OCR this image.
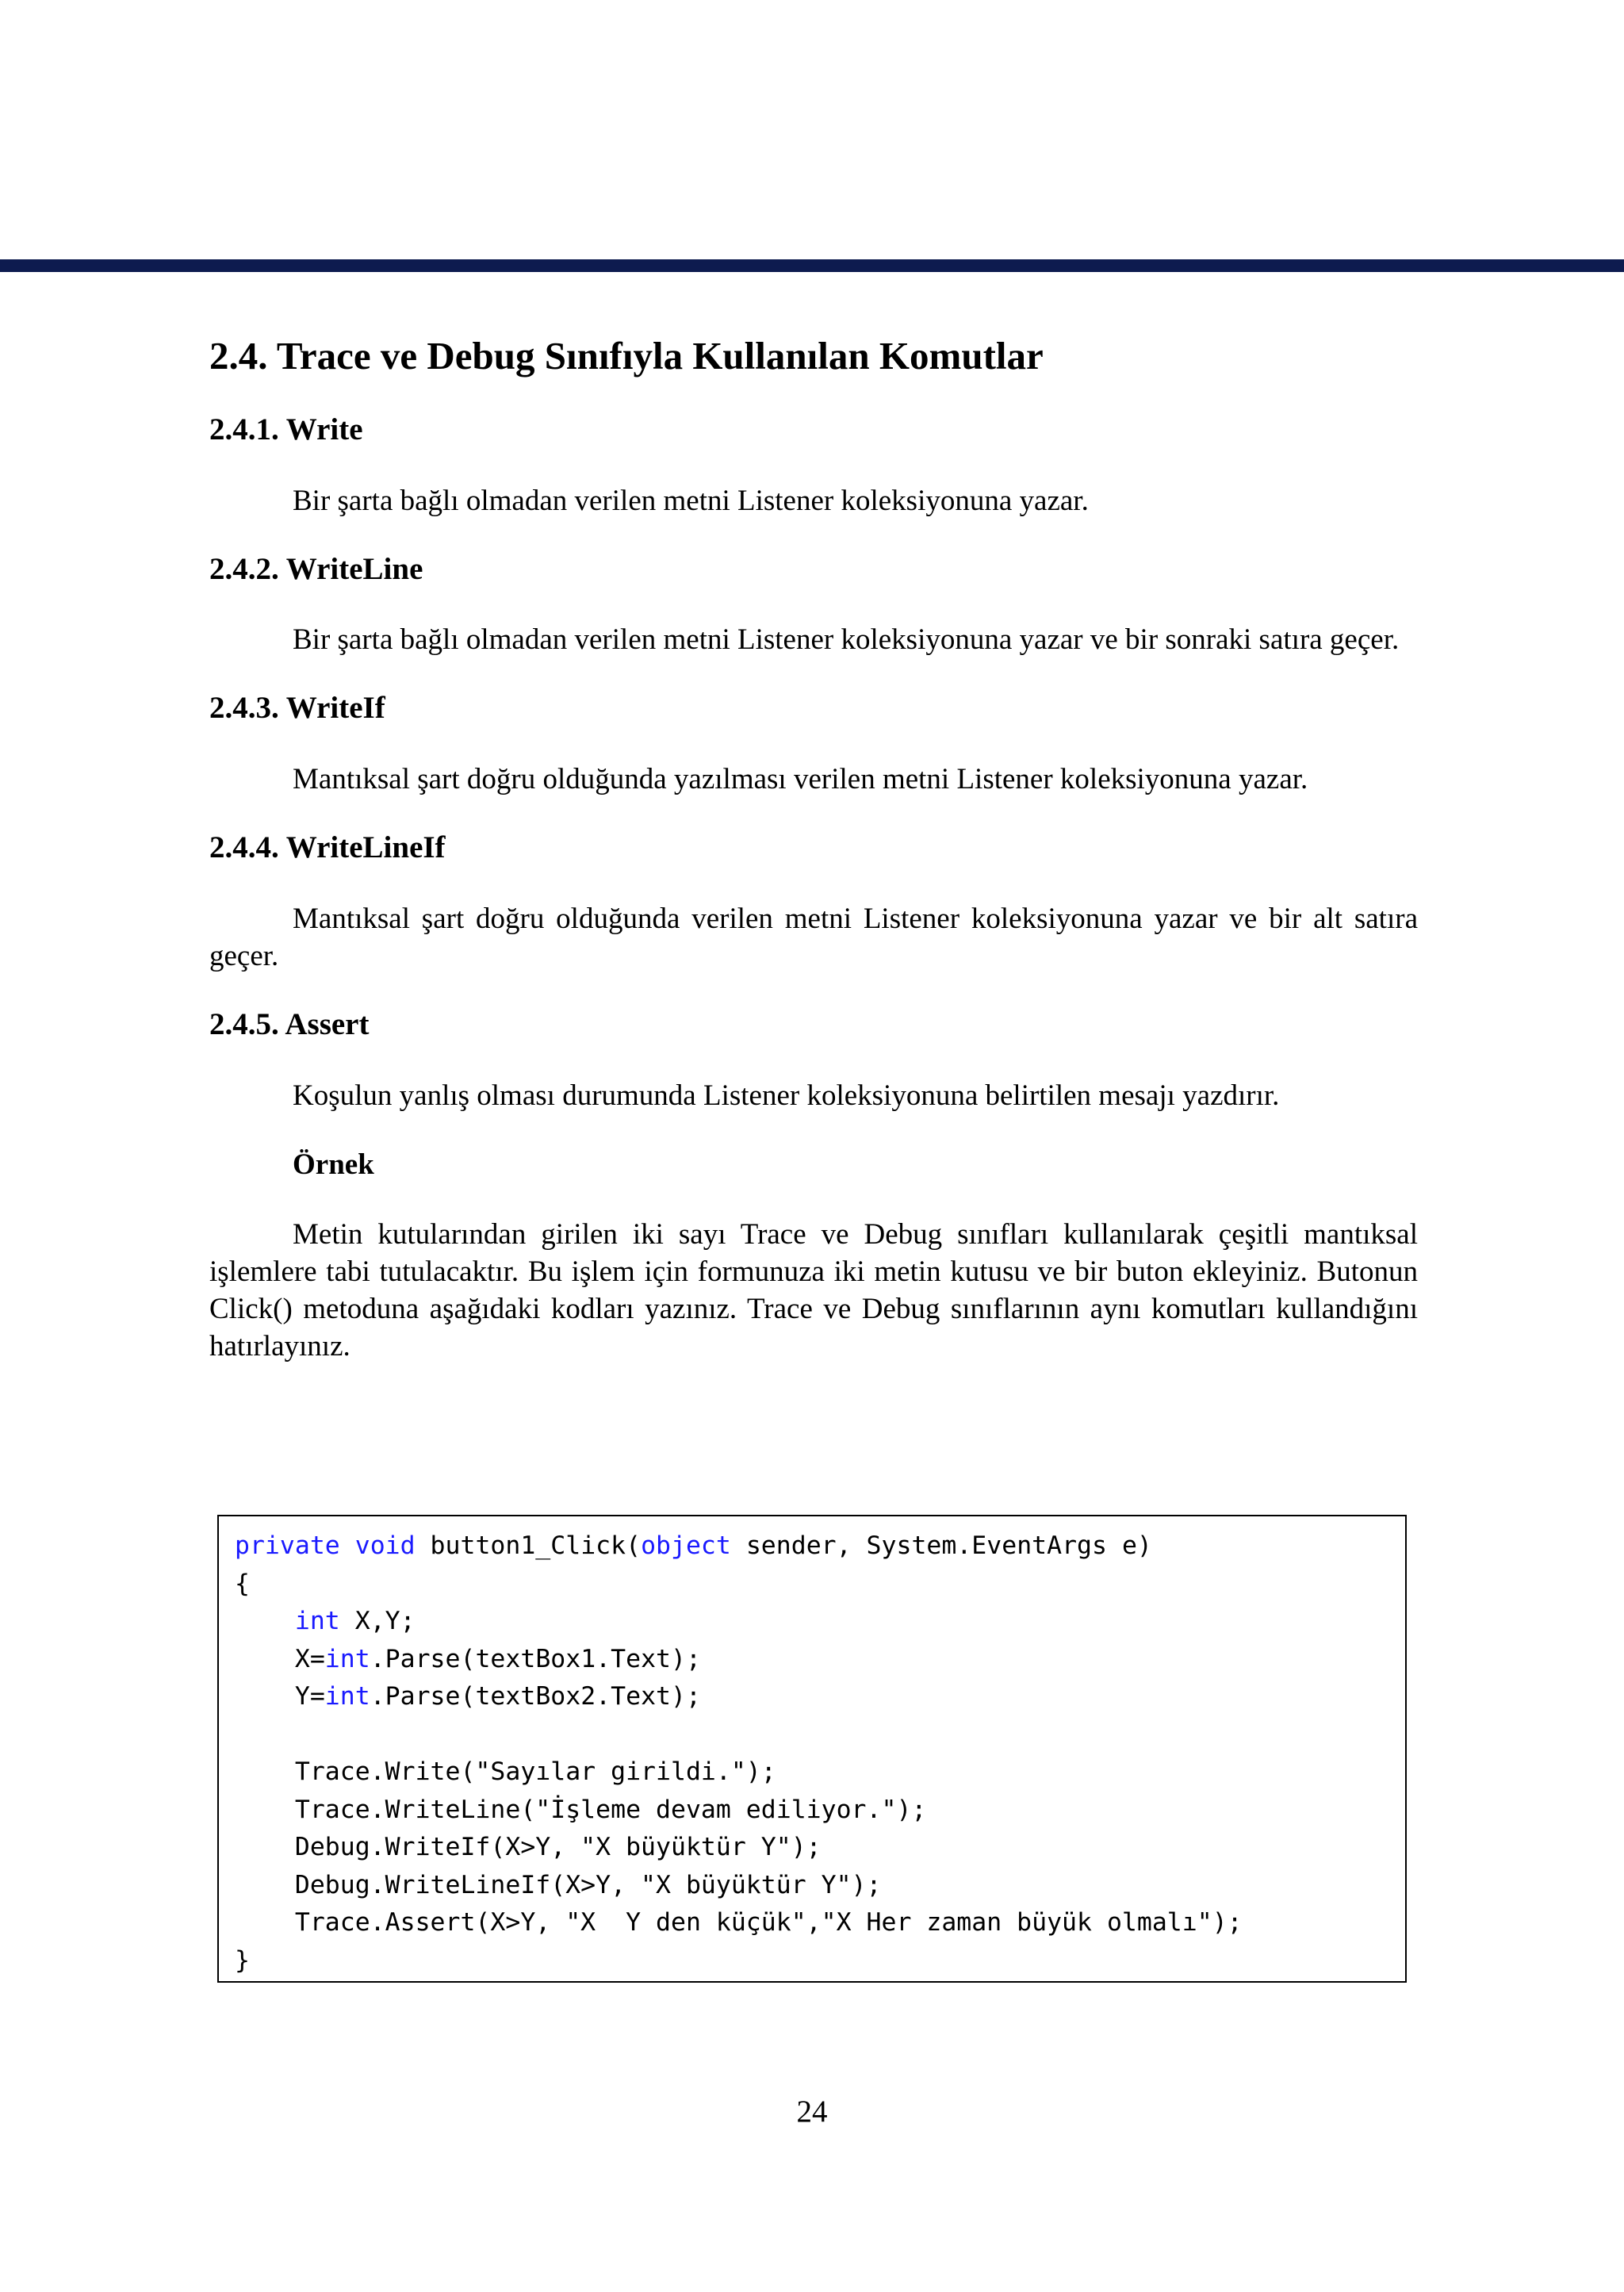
2.4. Trace ve Debug Sınıfıyla Kullanılan Komutlar
2.4.1. Write

Bir şarta bağlı olmadan verilen metni Listener koleksiyonuna yazar.

2.4.2. WriteLine

Bir şarta bağlı olmadan verilen metni Listener koleksiyonuna yazar ve bir sonraki satıra geçer.

2.4.3. WriteIf

Mantıksal şart doğru olduğunda yazılması verilen metni Listener koleksiyonuna yazar.

2.4.4. WriteLineIf

Mantıksal şart doğru olduğunda verilen metni Listener koleksiyonuna yazar ve bir alt satıra geçer.

2.4.5. Assert

Koşulun yanlış olması durumunda Listener koleksiyonuna belirtilen mesajı yazdırır.

Örnek

Metin kutularından girilen iki sayı Trace ve Debug sınıfları kullanılarak çeşitli mantıksal işlemlere tabi tutulacaktır. Bu işlem için formunuza iki metin kutusu ve bir buton ekleyiniz. Butonun Click() metoduna aşağıdaki kodları yazınız. Trace ve Debug sınıflarının aynı komutları kullandığını hatırlayınız.

private void button1_Click(object sender, System.EventArgs e)
{
int X,Y;
X=int.Parse(textBox1.Text);
Y=int.Parse(textBox2.Text);

Trace.Write("Sayılar girildi.");
Trace.WriteLine("İşleme devam ediliyor.");
Debug.WriteIf(X>Y, "X büyüktür Y");
Debug.WriteLineIf(X>Y, "X büyüktür Y");
Trace.Assert(X>Y, "X  Y den küçük","X Her zaman büyük olmalı");
}
24
